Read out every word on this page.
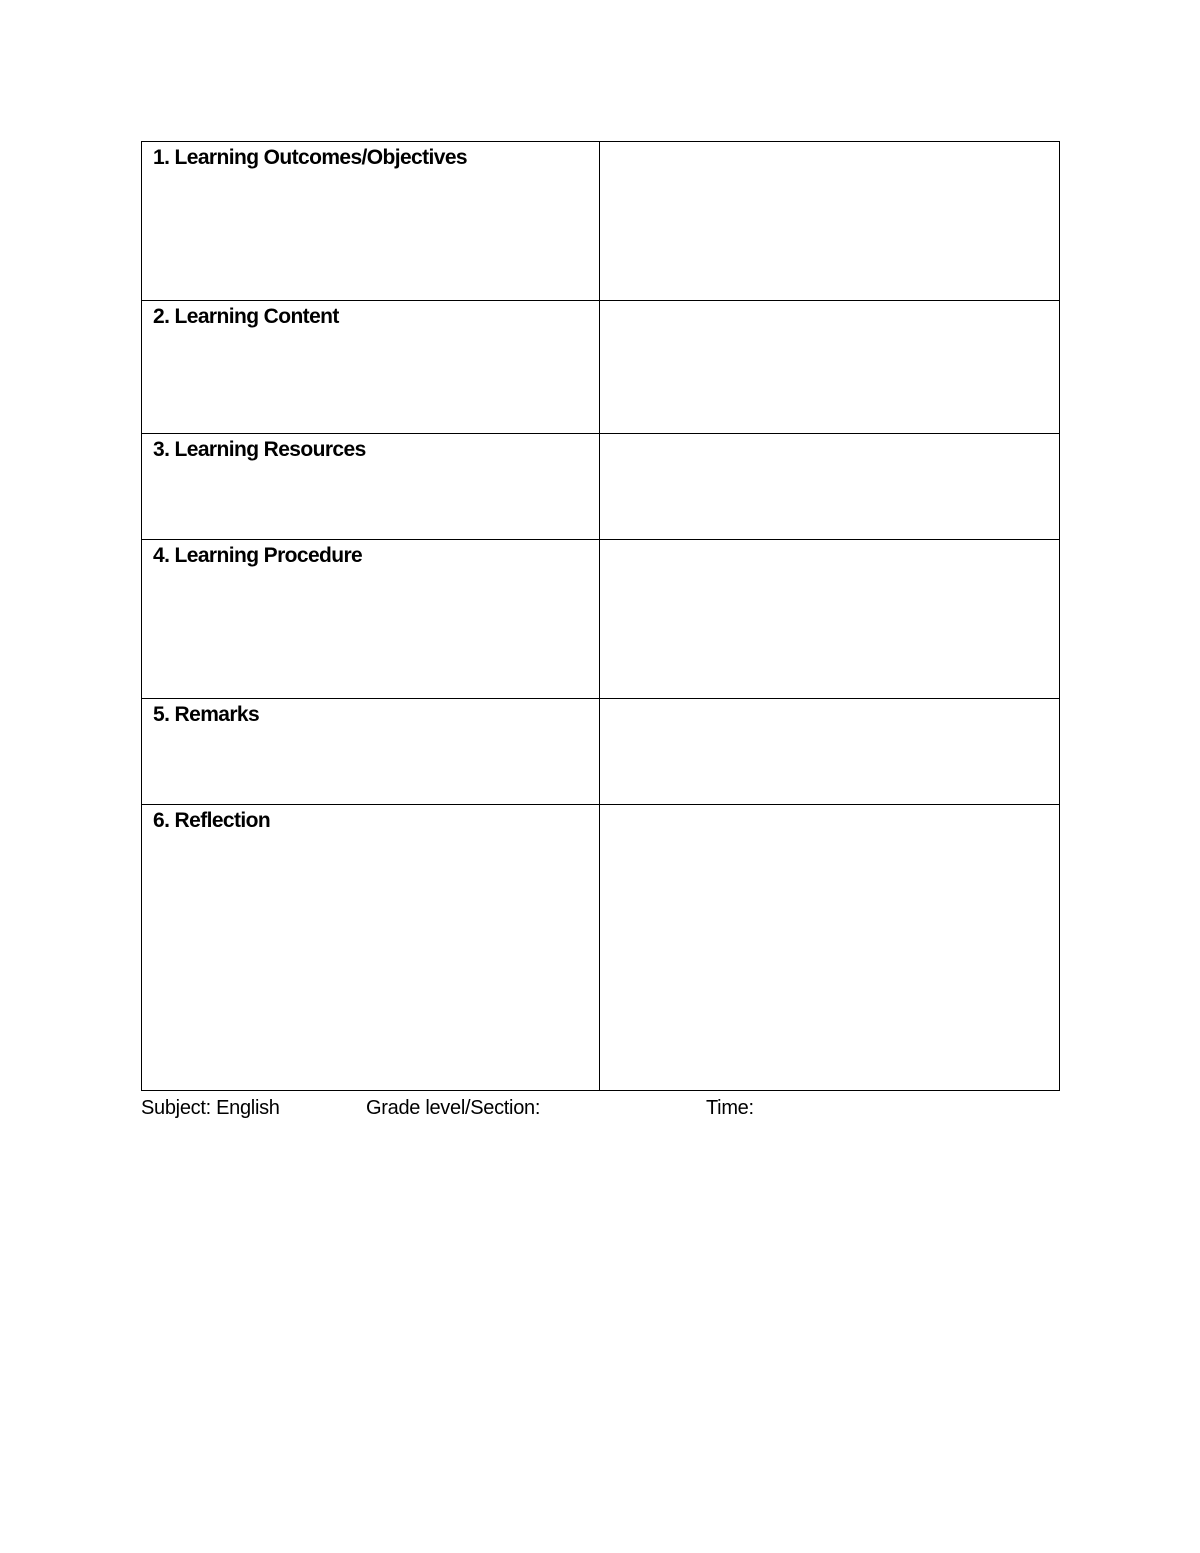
1. Learning Outcomes/Objectives	

2. Learning Content	

3. Learning Resources	

4. Learning Procedure	

5. Remarks	

6. Reflection	

Subject: English	Grade level/Section:	Time:
